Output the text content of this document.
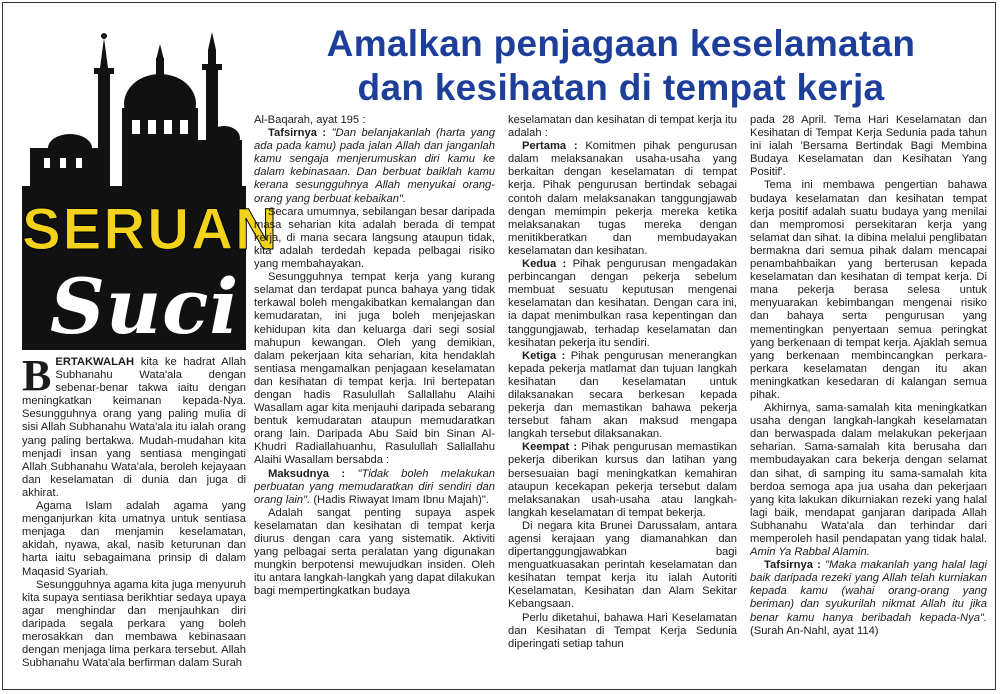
SERUAN
Suci
Amalkan penjagaan keselamatan
dan kesihatan di tempat kerja

BERTAKWALAH kita ke hadrat Allah Subhanahu Wata'ala dengan sebenar-benar takwa iaitu dengan meningkatkan keimanan kepada-Nya. Sesungguhnya orang yang paling mulia di sisi Allah Subhanahu Wata'ala itu ialah orang yang paling bertakwa. Mudah-mudahan kita menjadi insan yang sentiasa mengingati Allah Subhanahu Wata'ala, beroleh kejayaan dan keselamatan di dunia dan juga di akhirat.

Agama Islam adalah agama yang menganjurkan kita umatnya untuk sentiasa menjaga dan menjamin keselamatan, akidah, nyawa, akal, nasib keturunan dan harta iaitu sebagaimana prinsip di dalam Maqasid Syariah.

Sesungguhnya agama kita juga menyuruh kita supaya sentiasa berikhtiar sedaya upaya agar menghindar dan menjauhkan diri daripada segala perkara yang boleh merosakkan dan membawa kebinasaan dengan menjaga lima perkara tersebut. Allah Subhanahu Wata'ala berfirman dalam Surah

Al-Baqarah, ayat 195 :

Tafsirnya : "Dan belanjakanlah (harta yang ada pada kamu) pada jalan Allah dan janganlah kamu sengaja menjerumuskan diri kamu ke dalam kebinasaan. Dan berbuat baiklah kamu kerana sesungguhnya Allah menyukai orang-orang yang berbuat kebaikan".

Secara umumnya, sebilangan besar daripada masa seharian kita adalah berada di tempat kerja, di mana secara langsung ataupun tidak, kita adalah terdedah kepada pelbagai risiko yang membahayakan.

Sesungguhnya tempat kerja yang kurang selamat dan terdapat punca bahaya yang tidak terkawal boleh mengakibatkan kemalangan dan kemudaratan, ini juga boleh menjejaskan kehidupan kita dan keluarga dari segi sosial mahupun kewangan. Oleh yang demikian, dalam pekerjaan kita seharian, kita hendaklah sentiasa mengamalkan penjagaan keselamatan dan kesihatan di tempat kerja. Ini bertepatan dengan hadis Rasulullah Sallallahu Alaihi Wasallam agar kita menjauhi daripada sebarang bentuk kemudaratan ataupun memudaratkan orang lain. Daripada Abu Said bin Sinan Al-Khudri Radiallahuanhu, Rasulullah Sallallahu Alaihi Wasallam bersabda :

Maksudnya : "Tidak boleh melakukan perbuatan yang memudaratkan diri sendiri dan orang lain". (Hadis Riwayat Imam Ibnu Majah)".

Adalah sangat penting supaya aspek keselamatan dan kesihatan di tempat kerja diurus dengan cara yang sistematik. Aktiviti yang pelbagai serta peralatan yang digunakan mungkin berpotensi mewujudkan insiden. Oleh itu antara langkah-langkah yang dapat dilakukan bagi mempertingkatkan budaya

keselamatan dan kesihatan di tempat kerja itu adalah :

Pertama : Komitmen pihak pengurusan dalam melaksanakan usaha-usaha yang berkaitan dengan keselamatan di tempat kerja. Pihak pengurusan bertindak sebagai contoh dalam melaksanakan tanggungjawab dengan memimpin pekerja mereka ketika melaksanakan tugas mereka dengan menitikberatkan dan membudayakan keselamatan dan kesihatan.

Kedua : Pihak pengurusan mengadakan perbincangan dengan pekerja sebelum membuat sesuatu keputusan mengenai keselamatan dan kesihatan. Dengan cara ini, ia dapat menimbulkan rasa kepentingan dan tanggungjawab, terhadap keselamatan dan kesihatan pekerja itu sendiri.

Ketiga : Pihak pengurusan menerangkan kepada pekerja matlamat dan tujuan langkah kesihatan dan keselamatan untuk dilaksanakan secara berkesan kepada pekerja dan memastikan bahawa pekerja tersebut faham akan maksud mengapa langkah tersebut dilaksanakan.

Keempat : Pihak pengurusan memastikan pekerja diberikan kursus dan latihan yang bersesuaian bagi meningkatkan kemahiran ataupun kecekapan pekerja tersebut dalam melaksanakan usah-usaha atau langkah-langkah keselamatan di tempat bekerja.

Di negara kita Brunei Darussalam, antara agensi kerajaan yang diamanahkan dan dipertanggungjawabkan bagi menguatkuasakan perintah keselamatan dan kesihatan tempat kerja itu ialah Autoriti Keselamatan, Kesihatan dan Alam Sekitar Kebangsaan.

Perlu diketahui, bahawa Hari Keselamatan dan Kesihatan di Tempat Kerja Sedunia diperingati setiap tahun

pada 28 April. Tema Hari Keselamatan dan Kesihatan di Tempat Kerja Sedunia pada tahun ini ialah 'Bersama Bertindak Bagi Membina Budaya Keselamatan dan Kesihatan Yang Positif'.

Tema ini membawa pengertian bahawa budaya keselamatan dan kesihatan tempat kerja positif adalah suatu budaya yang menilai dan mempromosi persekitaran kerja yang selamat dan sihat. Ia dibina melalui penglibatan bermakna dari semua pihak dalam mencapai penambahbaikan yang berterusan kepada keselamatan dan kesihatan di tempat kerja. Di mana pekerja berasa selesa untuk menyuarakan kebimbangan mengenai risiko dan bahaya serta pengurusan yang mementingkan penyertaan semua peringkat yang berkenaan di tempat kerja. Ajaklah semua yang berkenaan membincangkan perkara-perkara keselamatan dengan itu akan meningkatkan kesedaran di kalangan semua pihak.

Akhirnya, sama-samalah kita meningkatkan usaha dengan langkah-langkah keselamatan dan berwaspada dalam melakukan pekerjaan seharian. Sama-samalah kita berusaha dan membudayakan cara bekerja dengan selamat dan sihat, di samping itu sama-samalah kita berdoa semoga apa jua usaha dan pekerjaan yang kita lakukan dikurniakan rezeki yang halal lagi baik, mendapat ganjaran daripada Allah Subhanahu Wata'ala dan terhindar dari memperoleh hasil pendapatan yang tidak halal. Amin Ya Rabbal Alamin.

Tafsirnya : "Maka makanlah yang halal lagi baik daripada rezeki yang Allah telah kurniakan kepada kamu (wahai orang-orang yang beriman) dan syukurilah nikmat Allah itu jika benar kamu hanya beribadah kepada-Nya". (Surah An-Nahl, ayat 114)
